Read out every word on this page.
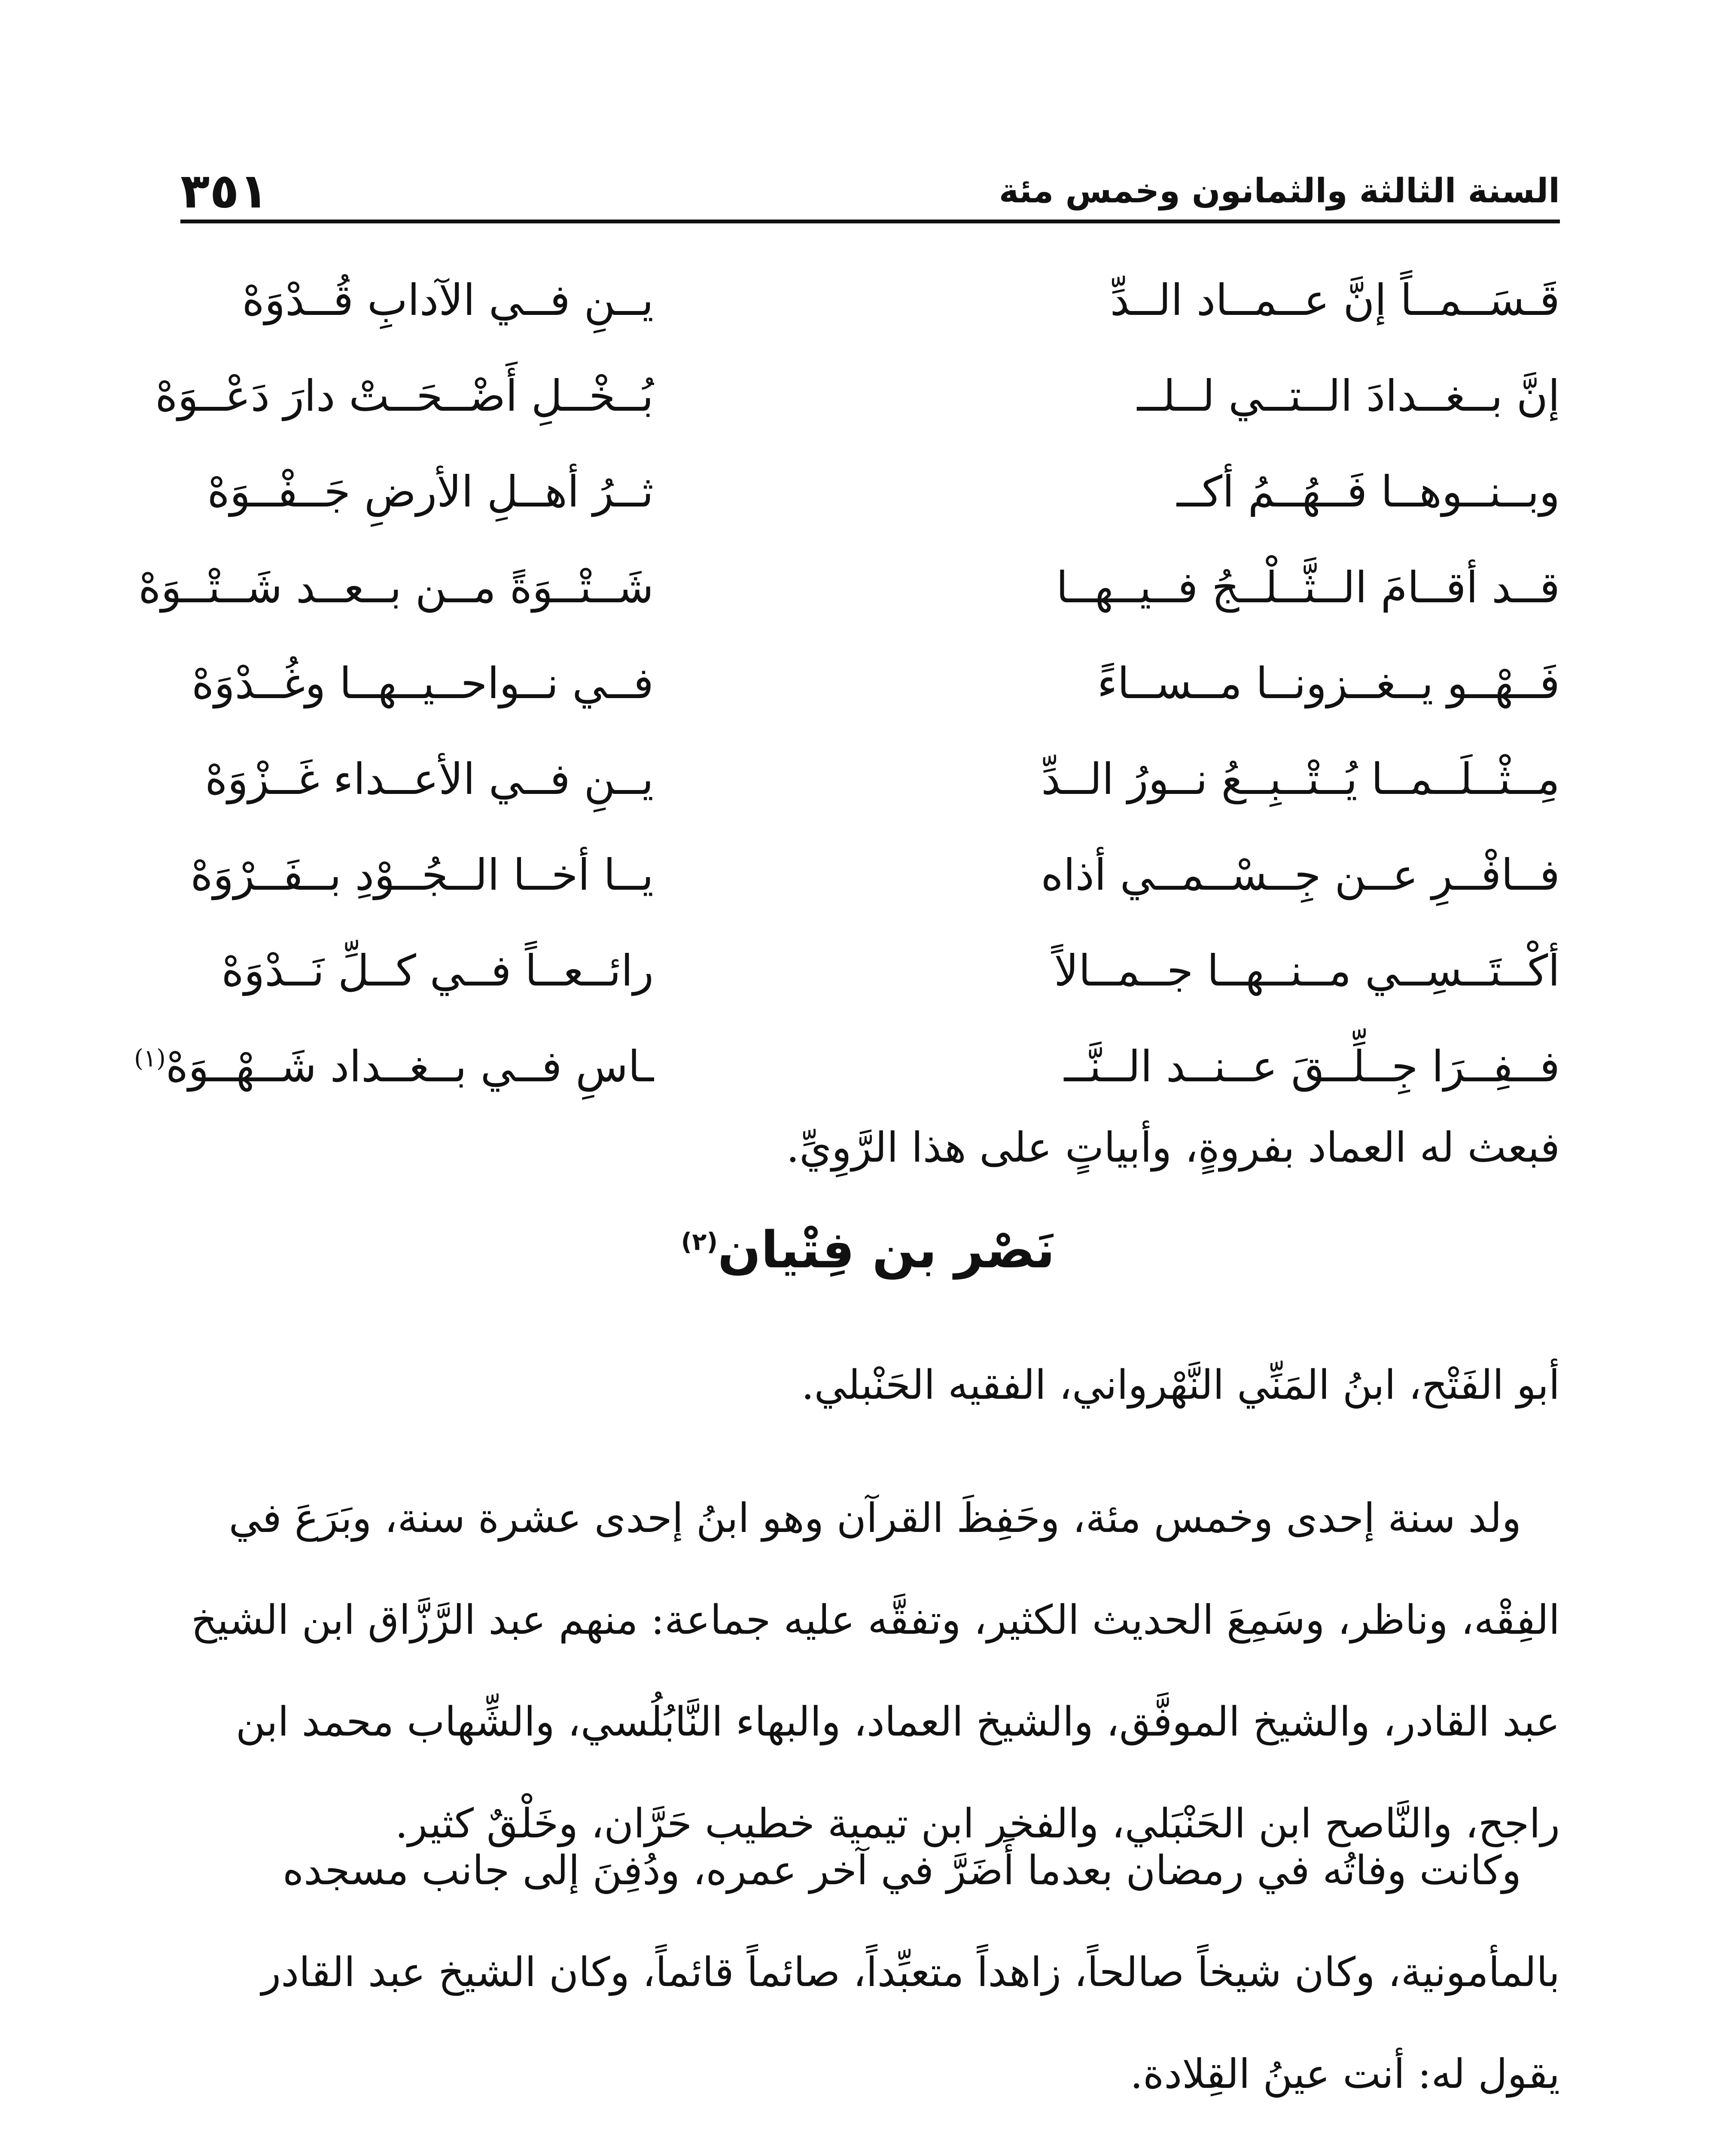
السنة الثالثة والثمانون وخمس مئة
٣٥١
قَـسَــمــاً إنَّ عــمــاد الــدِّ
يــنِ فــي الآدابِ قُــدْوَهْ
إنَّ بــغــدادَ الــتــي لــلــ
بُــخْــلِ أَضْــحَــتْ دارَ دَعْــوَهْ
وبــنــوهــا فَــهُــمُ أكــ
ثــرُ أهــلِ الأرضِ جَــفْــوَهْ
قــد أقــامَ الــثَّــلْــجُ فــيــهــا
شَــتْــوَةً مــن بــعــد شَــتْــوَهْ
فَــهْــو يــغــزونــا مــســاءً
فــي نــواحــيــهــا وغُــدْوَهْ
مِــثْــلَــمــا يُــتْــبِــعُ نــورُ الــدِّ
يــنِ فــي الأعــداء غَــزْوَهْ
فــافْــرِ عــن جِــسْــمــي أذاه
يــا أخــا الــجُــوْدِ بــفَــرْوَهْ
أكْــتَــسِــي مــنــهــا جــمــالاً
رائــعــاً فــي كــلِّ نَــدْوَهْ
فــفِــرَا جِــلِّــقَ عــنــد الــنَّــ
ـاسِ فــي بــغــداد شَــهْــوَهْ$^{(١)}$
فبعث له العماد بفروةٍ، وأبياتٍ على هذا الرَّوِيِّ.
نَصْر بن فِتْيان$^{(٢)}$
أبو الفَتْح، ابنُ المَنِّي النَّهْرواني، الفقيه الحَنْبلي.
ولد سنة إحدى وخمس مئة، وحَفِظَ القرآن وهو ابنُ إحدى عشرة سنة، وبَرَعَ في
الفِقْه، وناظر، وسَمِعَ الحديث الكثير، وتفقَّه عليه جماعة: منهم عبد الرَّزَّاق ابن الشيخ
عبد القادر، والشيخ الموفَّق، والشيخ العماد، والبهاء النَّابُلُسي، والشِّهاب محمد ابن
راجح، والنَّاصح ابن الحَنْبَلي، والفخر ابن تيمية خطيب حَرَّان، وخَلْقٌ كثير.
وكانت وفاتُه في رمضان بعدما أَضَرَّ في آخر عمره، ودُفِنَ إلى جانب مسجده
بالمأمونية، وكان شيخاً صالحاً، زاهداً متعبِّداً، صائماً قائماً، وكان الشيخ عبد القادر
يقول له: أنت عينُ القِلادة.
